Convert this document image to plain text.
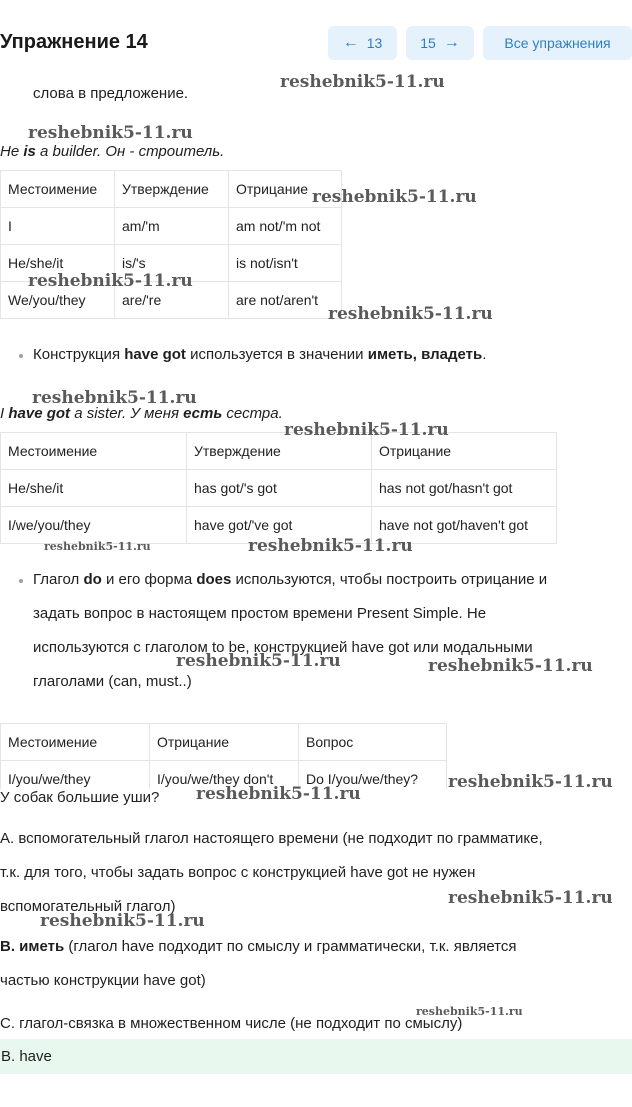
Упражнение 14	← 13	15 →	Все упражнения
слова в предложение.
He is a builder. Он - строитель.
Местоимение	Утверждение	Отрицание
I	am/'m	am not/'m not
He/she/it	is/'s	is not/isn't
We/you/they	are/'re	are not/aren't
Конструкция have got используется в значении иметь, владеть.
I have got a sister. У меня есть сестра.
Местоимение	Утверждение	Отрицание
He/she/it	has got/'s got	has not got/hasn't got
I/we/you/they	have got/'ve got	have not got/haven't got
Глагол do и его форма does используются, чтобы построить отрицание и
задать вопрос в настоящем простом времени Present Simple. Не
используются с глаголом to be, конструкцией have got или модальными
глаголами (can, must..)
Местоимение	Отрицание	Вопрос
I/you/we/they	I/you/we/they don't	Do I/you/we/they?
У собак большие уши?
A. вспомогательный глагол настоящего времени (не подходит по грамматике,
т.к. для того, чтобы задать вопрос с конструкцией have got не нужен
вспомогательный глагол)
B. иметь (глагол have подходит по смыслу и грамматически, т.к. является
частью конструкции have got)
C. глагол-связка в множественном числе (не подходит по смыслу)
B. have
reshebnik5-11.ru
reshebnik5-11.ru
reshebnik5-11.ru
reshebnik5-11.ru
reshebnik5-11.ru
reshebnik5-11.ru
reshebnik5-11.ru
reshebnik5-11.ru	reshebnik5-11.ru
reshebnik5-11.ru	reshebnik5-11.ru
reshebnik5-11.ru
reshebnik5-11.ru
reshebnik5-11.ru
reshebnik5-11.ru
reshebnik5-11.ru
